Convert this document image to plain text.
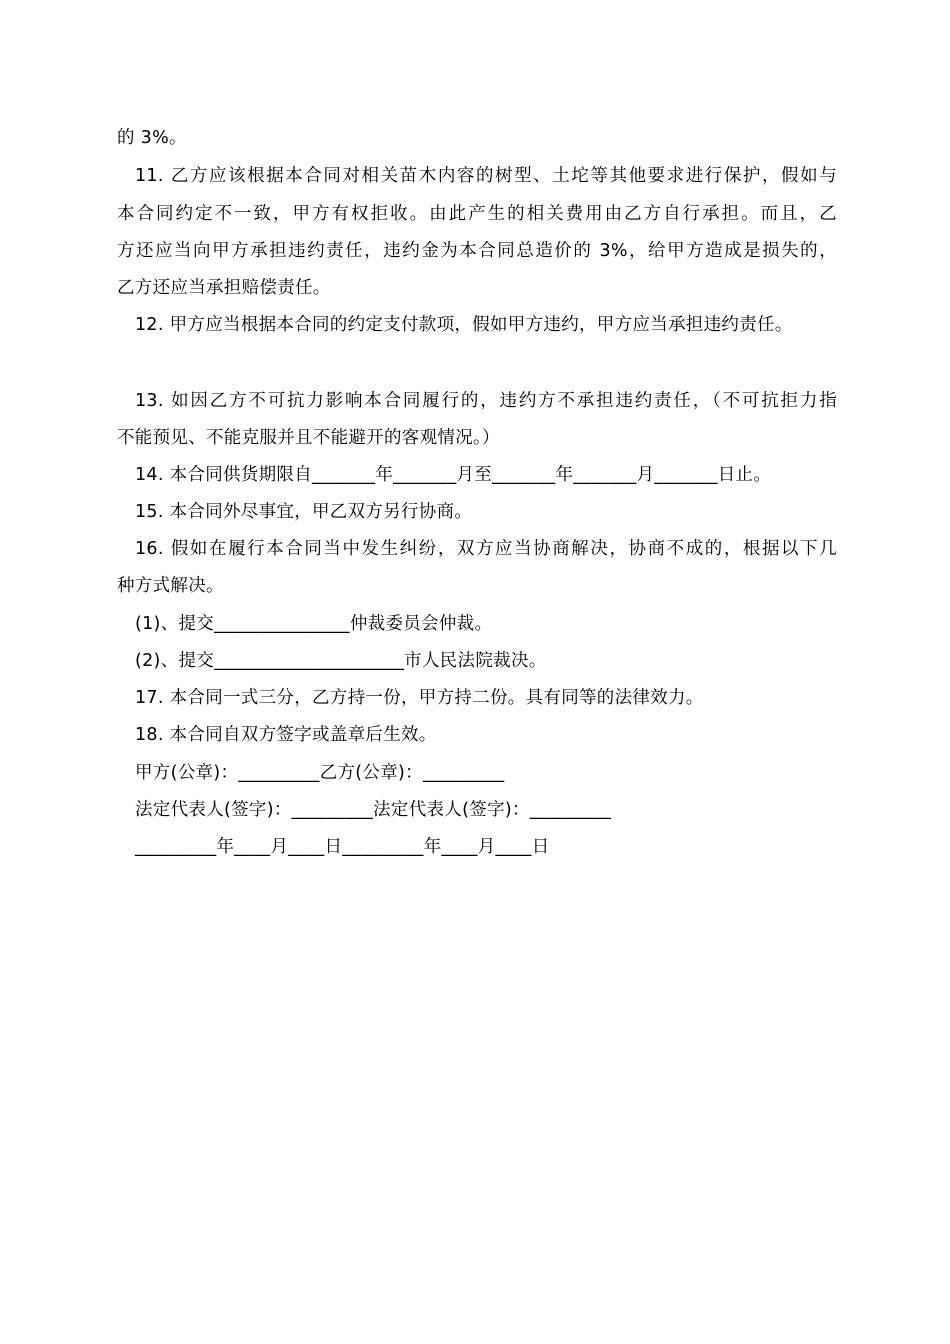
的 3%。
11. 乙方应该根据本合同对相关苗木内容的树型、土坨等其他要求进行保护，假如与
本合同约定不一致，甲方有权拒收。由此产生的相关费用由乙方自行承担。而且，乙
方还应当向甲方承担违约责任，违约金为本合同总造价的 3%，给甲方造成是损失的，
乙方还应当承担赔偿责任。
12. 甲方应当根据本合同的约定支付款项，假如甲方违约，甲方应当承担违约责任。
13. 如因乙方不可抗力影响本合同履行的，违约方不承担违约责任，（不可抗拒力指
不能预见、不能克服并且不能避开的客观情况。）
14. 本合同供货期限自_______年_______月至_______年_______月_______日止。
15. 本合同外尽事宜，甲乙双方另行协商。
16. 假如在履行本合同当中发生纠纷，双方应当协商解决，协商不成的，根据以下几
种方式解决。
(1)、提交_______________仲裁委员会仲裁。
(2)、提交_____________________市人民法院裁决。
17. 本合同一式三分，乙方持一份，甲方持二份。具有同等的法律效力。
18. 本合同自双方签字或盖章后生效。
甲方(公章)：_________乙方(公章)：_________
法定代表人(签字)：_________法定代表人(签字)：_________
_________年____月____日_________年____月____日
